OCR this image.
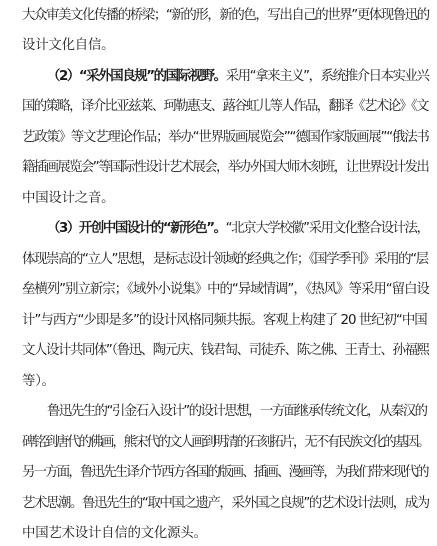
大众审美文化传播的桥梁；“新的形，新的色，写出自己的世界”更体现鲁迅的
设计文化自信。
（2）“采外国良规”的国际视野。采用“拿来主义”，系统推介日本实业兴
国的策略，译介比亚兹莱、珂勒惠支、蕗谷虹儿等人作品，翻译《艺术论》《文
艺政策》等文艺理论作品；举办“世界版画展览会”“德国作家版画展”“俄法书
籍插画展览会”等国际性设计艺术展会，举办外国大师木刻班，让世界设计发出
中国设计之音。
（3）开创中国设计的“新形色”。“北京大学校徽”采用文化整合设计法，
体现崇高的“立人”思想，是标志设计领域的经典之作；《国学季刊》采用的“层
垒横列”别立新宗；《域外小说集》中的“异域情调”，《热风》等采用“留白设
计”与西方“少即是多”的设计风格同频共振。客观上构建了 20 世纪初“中国
文人设计共同体”（鲁迅、陶元庆、钱君匋、司徒乔、陈之佛、王青士、孙福熙
等）。
鲁迅先生的“引金石入设计”的设计思想，一方面继承传统文化，从秦汉的
碑铭到唐代的佛画，熊宋代的文人画到明清的石刻拓片，无不有民族文化的基因。
另一方面，鲁迅先生译介节西方各国的版画、插画、漫画等，为我们带来现代的
艺术思潮。鲁迅先生的“取中国之遗产，采外国之良规”的艺术设计法则，成为
中国艺术设计自信的文化源头。
